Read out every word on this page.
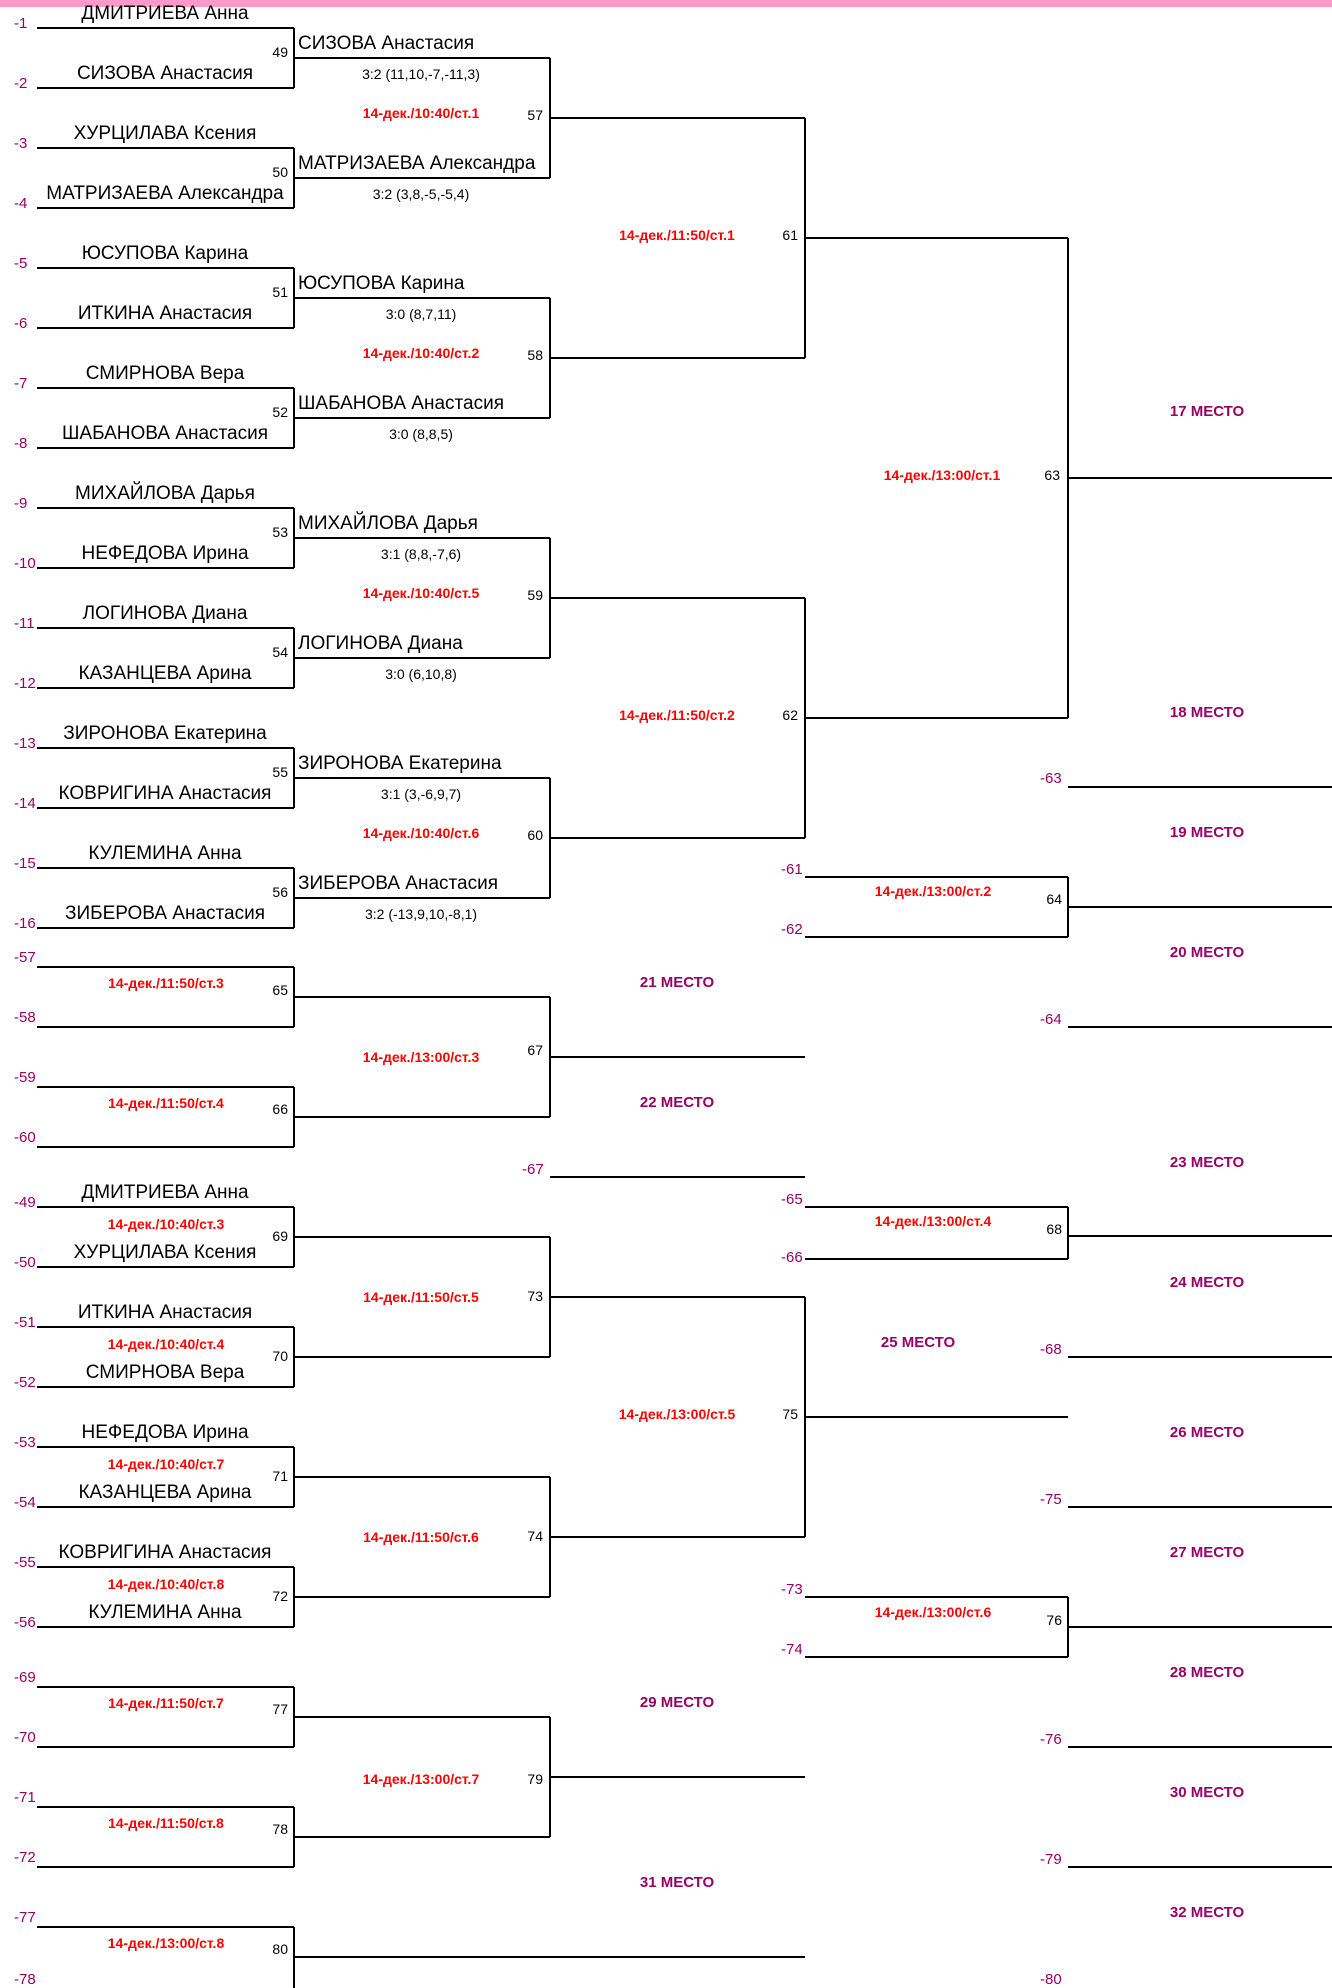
-1	ДМИТРИЕВА Анна
-2	СИЗОВА Анастасия
-3 ХУРЦИЛАВА Ксения
-4 МАТРИЗАЕВА Александра
-5	ЮСУПОВА Карина
-6	ИТКИНА Анастасия
-7	СМИРНОВА Вера
-8 ШАБАНОВА Анастасия
-9	МИХАЙЛОВА Дарья
-10 НЕФЕДОВА Ирина
-11	ЛОГИНОВА Диана
-12 КАЗАНЦЕВА Арина
-13 ЗИРОНОВА Екатерина
-14 КОВРИГИНА Анастасия
-15	КУЛЕМИНА Анна
-16 ЗИБЕРОВА Анастасия
49 СИЗОВА Анастасия
3:2 (11,10,-7,-11,3)
50 МАТРИЗАЕВА Александра
3:2 (3,8,-5,-5,4)
51 ЮСУПОВА Карина
3:0 (8,7,11)
52 ШАБАНОВА Анастасия
3:0 (8,8,5)
53 МИХАЙЛОВА Дарья
3:1 (8,8,-7,6)
54 ЛОГИНОВА Диана
3:0 (6,10,8)
55 ЗИРОНОВА Екатерина
3:1 (3,-6,9,7)
56 ЗИБЕРОВА Анастасия
3:2 (-13,9,10,-8,1)
57
14-дек./10:40/ст.1
58
14-дек./10:40/ст.2
59
14-дек./10:40/ст.5
60
14-дек./10:40/ст.6
61
14-дек./11:50/ст.1
62
14-дек./11:50/ст.2
63
14-дек./13:00/ст.1
17 МЕСТО
18 МЕСТО
-63
19 МЕСТО
-61
-62
64
14-дек./13:00/ст.2
20 МЕСТО
-64
-57
-58
-59
-60
65
14-дек./11:50/ст.3
66
14-дек./11:50/ст.4
67
14-дек./13:00/ст.3
21 МЕСТО
22 МЕСТО
-67	23 МЕСТО
-65
-66
68
14-дек./13:00/ст.4
24 МЕСТО
25 МЕСТО	-68
-49 ДМИТРИЕВА Анна
-50 ХУРЦИЛАВА Ксения
-51 ИТКИНА Анастасия
-52	СМИРНОВА Вера
-53 НЕФЕДОВА Ирина
-54 КАЗАНЦЕВА Арина
-55 КОВРИГИНА Анастасия
-56	КУЛЕМИНА Анна
69
14-дек./10:40/ст.3
70
14-дек./10:40/ст.4
71
14-дек./10:40/ст.7
72
14-дек./10:40/ст.8
73
14-дек./11:50/ст.5
74
14-дек./11:50/ст.6
75
14-дек./13:00/ст.5
26 МЕСТО
-75
27 МЕСТО
-73
-74
76
14-дек./13:00/ст.6
28 МЕСТО
-76
30 МЕСТО
-79
32 МЕСТО
-80
-69
-70
-71
-72
77
14-дек./11:50/ст.7
78
14-дек./11:50/ст.8
79
14-дек./13:00/ст.7
29 МЕСТО
31 МЕСТО
-77
-78
80
14-дек./13:00/ст.8
